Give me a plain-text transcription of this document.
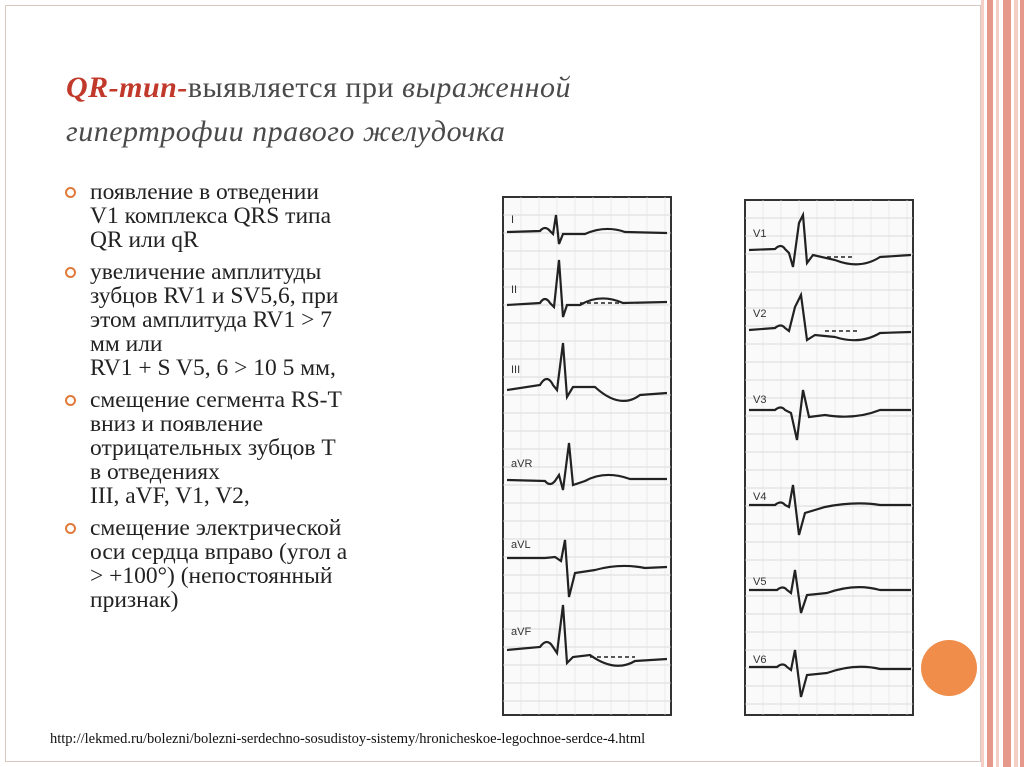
QR-тип-выявляется при выраженной
гипертрофии правого желудочка
появление в отведении
V1 комплекса QRS типа
QR или qR
увеличение амплитуды
зубцов RV1 и SV5,6, при
этом амплитуда RV1 > 7
мм или
RV1 + S V5, 6 > 10 5 мм,
смещение сегмента RS-T
вниз и появление
отрицательных зубцов Т
в отведениях
III, aVF, V1, V2,
смещение электрической
оси сердца вправо (угол а
> +100°) (непостоянный
признак)
I
II
III
aVR
aVL
aVF
V1
V2
V3
V4
V5
V6
http://lekmed.ru/bolezni/bolezni-serdechno-sosudistoy-sistemy/hronicheskoe-legochnoe-serdce-4.html
